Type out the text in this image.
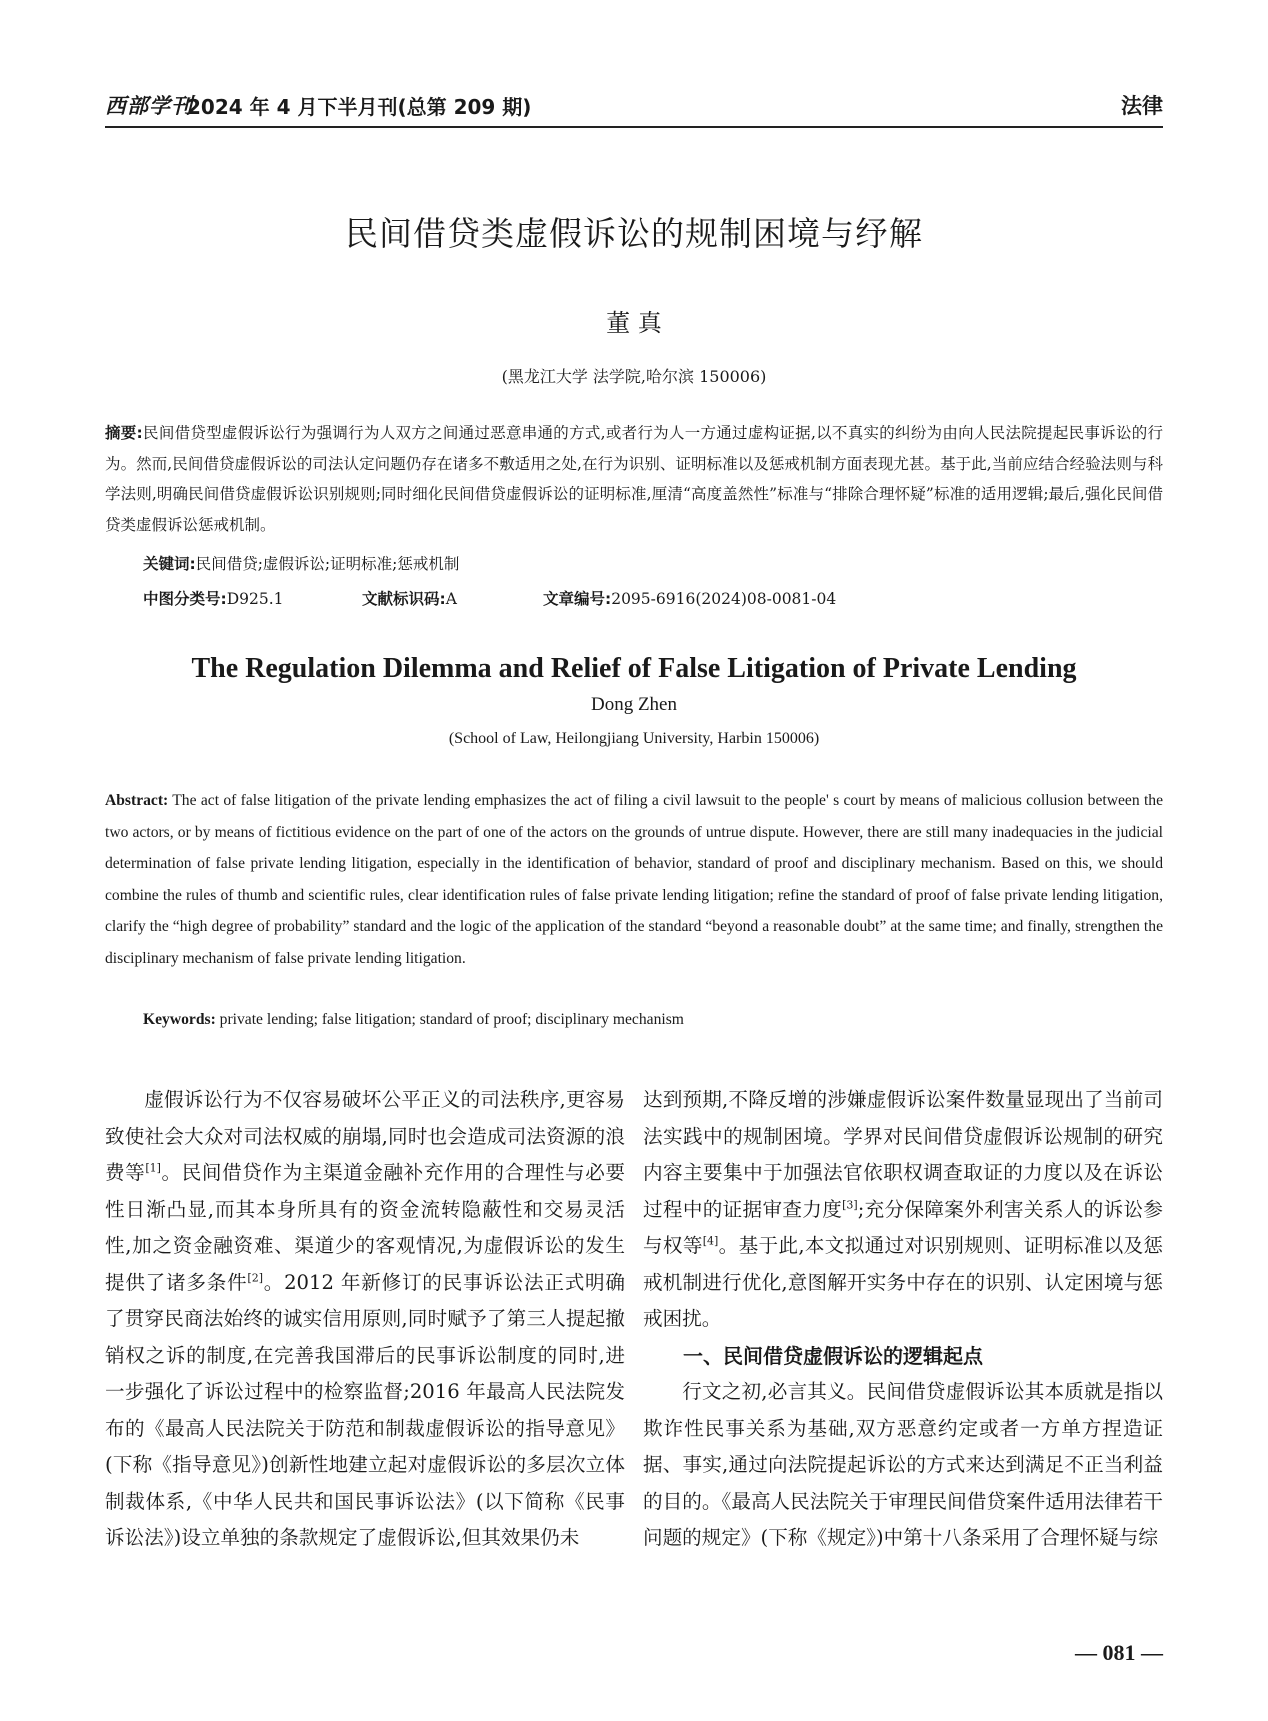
西部学刊
2024 年 4 月下半月刊(总第 209 期)	法律
民间借贷类虚假诉讼的规制困境与纾解
董 真
(黑龙江大学 法学院,哈尔滨 150006)
摘要:民间借贷型虚假诉讼行为强调行为人双方之间通过恶意串通的方式,或者行为人一方通过虚构证据,以不真实的纠纷为由向人民法院提起民事诉讼的行为。然而,民间借贷虚假诉讼的司法认定问题仍存在诸多不敷适用之处,在行为识别、证明标准以及惩戒机制方面表现尤甚。基于此,当前应结合经验法则与科学法则,明确民间借贷虚假诉讼识别规则;同时细化民间借贷虚假诉讼的证明标准,厘清“高度盖然性”标准与“排除合理怀疑”标准的适用逻辑;最后,强化民间借贷类虚假诉讼惩戒机制。
关键词:民间借贷;虚假诉讼;证明标准;惩戒机制
中图分类号:D925.1	文献标识码:A	文章编号:2095-6916(2024)08-0081-04
The Regulation Dilemma and Relief of False Litigation of Private Lending
Dong Zhen
(School of Law, Heilongjiang University, Harbin 150006)
Abstract: The act of false litigation of the private lending emphasizes the act of filing a civil lawsuit to the people' s court by means of malicious collusion between the two actors, or by means of fictitious evidence on the part of one of the actors on the grounds of untrue dispute. However, there are still many inadequacies in the judicial determination of false private lending litigation, especially in the identification of behavior, standard of proof and disciplinary mechanism. Based on this, we should combine the rules of thumb and scientific rules, clear identification rules of false private lending litigation; refine the standard of proof of false private lending litigation, clarify the “high degree of probability” standard and the logic of the application of the standard “beyond a reasonable doubt” at the same time; and finally, strengthen the disciplinary mechanism of false private lending litigation.
Keywords: private lending; false litigation; standard of proof; disciplinary mechanism

虚假诉讼行为不仅容易破坏公平正义的司法秩序,更容易致使社会大众对司法权威的崩塌,同时也会造成司法资源的浪费等[1]。民间借贷作为主渠道金融补充作用的合理性与必要性日渐凸显,而其本身所具有的资金流转隐蔽性和交易灵活性,加之资金融资难、渠道少的客观情况,为虚假诉讼的发生提供了诸多条件[2]。2012 年新修订的民事诉讼法正式明确了贯穿民商法始终的诚实信用原则,同时赋予了第三人提起撤销权之诉的制度,在完善我国滞后的民事诉讼制度的同时,进一步强化了诉讼过程中的检察监督;2016 年最高人民法院发布的《最高人民法院关于防范和制裁虚假诉讼的指导意见》(下称《指导意见》)创新性地建立起对虚假诉讼的多层次立体制裁体系,《中华人民共和国民事诉讼法》(以下简称《民事诉讼法》)设立单独的条款规定了虚假诉讼,但其效果仍未

达到预期,不降反增的涉嫌虚假诉讼案件数量显现出了当前司法实践中的规制困境。学界对民间借贷虚假诉讼规制的研究内容主要集中于加强法官依职权调查取证的力度以及在诉讼过程中的证据审查力度[3];充分保障案外利害关系人的诉讼参与权等[4]。基于此,本文拟通过对识别规则、证明标准以及惩戒机制进行优化,意图解开实务中存在的识别、认定困境与惩戒困扰。

一、民间借贷虚假诉讼的逻辑起点

行文之初,必言其义。民间借贷虚假诉讼其本质就是指以欺诈性民事关系为基础,双方恶意约定或者一方单方捏造证据、事实,通过向法院提起诉讼的方式来达到满足不正当利益的目的。《最高人民法院关于审理民间借贷案件适用法律若干问题的规定》(下称《规定》)中第十八条采用了合理怀疑与综

— 081 —
